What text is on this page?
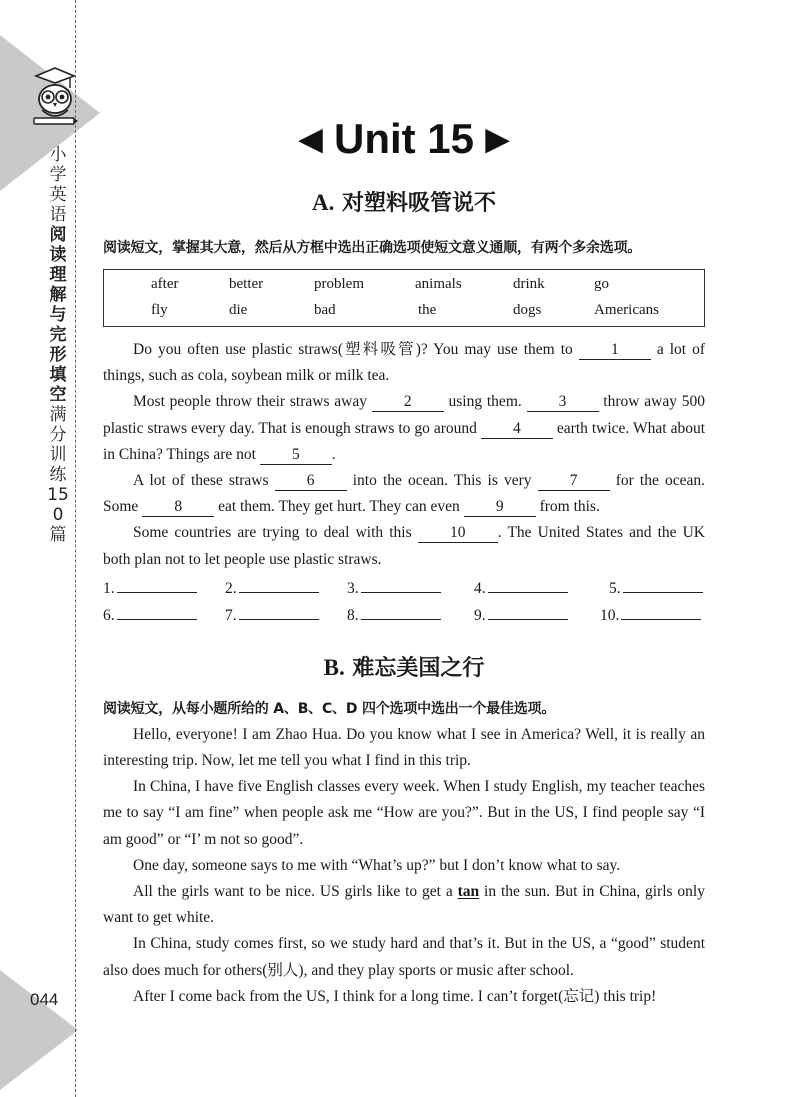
小学英语阅读理解与完形填空满分训练 150 篇
044
◀ Unit 15 ▶
A. 对塑料吸管说不

阅读短文，掌握其大意，然后从方框中选出正确选项使短文意义通顺，有两个多余选项。

after	better	problem	animals	drink	go
fly	die	bad	the	dogs	Americans

Do you often use plastic straws(塑料吸管)? You may use them to 1 a lot of things, such as cola, soybean milk or milk tea.

Most people throw their straws away 2 using them. 3 throw away 500 plastic straws every day. That is enough straws to go around 4 earth twice. What about in China? Things are not 5 .

A lot of these straws 6 into the ocean. This is very 7 for the ocean. Some 8 eat them. They get hurt. They can even 9 from this.

Some countries are trying to deal with this 10 . The United States and the UK both plan not to let people use plastic straws.

1.	2.	3.	4.	5.
6.	7.	8.	9.	10.
B. 难忘美国之行

阅读短文，从每小题所给的 A、B、C、D 四个选项中选出一个最佳选项。

Hello, everyone! I am Zhao Hua. Do you know what I see in America? Well, it is really an interesting trip. Now, let me tell you what I find in this trip.

In China, I have five English classes every week. When I study English, my teacher teaches me to say “I am fine” when people ask me “How are you?”. But in the US, I find people say “I am good” or “I’ m not so good”.

One day, someone says to me with “What’s up?” but I don’t know what to say.

All the girls want to be nice. US girls like to get a tan in the sun. But in China, girls only want to get white.

In China, study comes first, so we study hard and that’s it. But in the US, a “good” student also does much for others(别人), and they play sports or music after school.

After I come back from the US, I think for a long time. I can’t forget(忘记) this trip!
